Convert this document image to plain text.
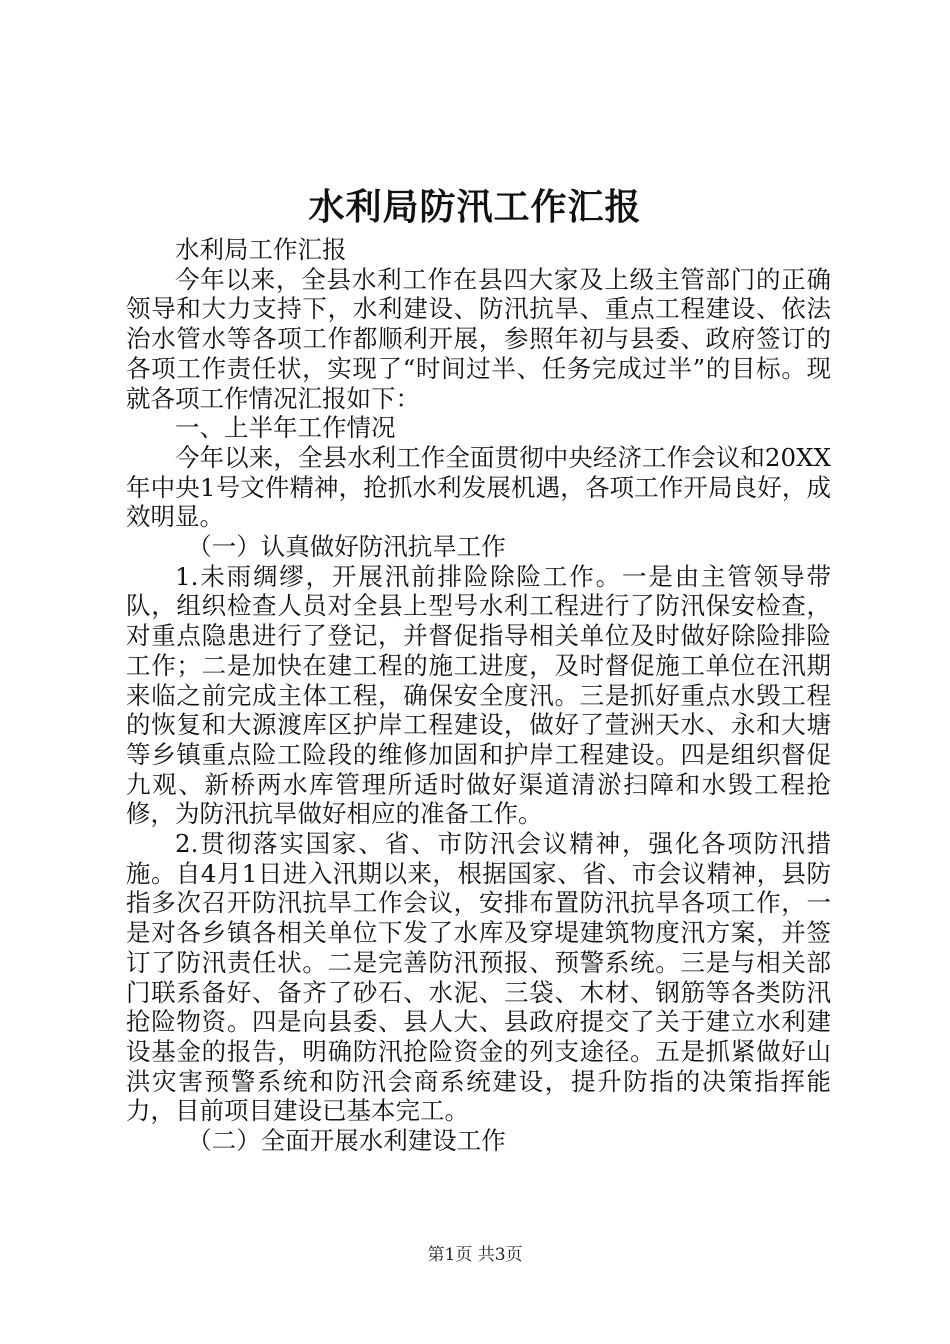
水利局防汛工作汇报

水利局工作汇报

今年以来，全县水利工作在县四大家及上级主管部门的正确领导和大力支持下，水利建设、防汛抗旱、重点工程建设、依法治水管水等各项工作都顺利开展，参照年初与县委、政府签订的各项工作责任状，实现了“时间过半、任务完成过半”的目标。现就各项工作情况汇报如下：

一、上半年工作情况

今年以来，全县水利工作全面贯彻中央经济工作会议和20XX年中央1号文件精神，抢抓水利发展机遇，各项工作开局良好，成效明显。

（一）认真做好防汛抗旱工作

1.未雨绸缪，开展汛前排险除险工作。一是由主管领导带队，组织检查人员对全县上型号水利工程进行了防汛保安检查，对重点隐患进行了登记，并督促指导相关单位及时做好除险排险工作；二是加快在建工程的施工进度，及时督促施工单位在汛期来临之前完成主体工程，确保安全度汛。三是抓好重点水毁工程的恢复和大源渡库区护岸工程建设，做好了萱洲天水、永和大塘等乡镇重点险工险段的维修加固和护岸工程建设。四是组织督促九观、新桥两水库管理所适时做好渠道清淤扫障和水毁工程抢修，为防汛抗旱做好相应的准备工作。

2.贯彻落实国家、省、市防汛会议精神，强化各项防汛措施。自4月1日进入汛期以来，根据国家、省、市会议精神，县防指多次召开防汛抗旱工作会议，安排布置防汛抗旱各项工作，一是对各乡镇各相关单位下发了水库及穿堤建筑物度汛方案，并签订了防汛责任状。二是完善防汛预报、预警系统。三是与相关部门联系备好、备齐了砂石、水泥、三袋、木材、钢筋等各类防汛抢险物资。四是向县委、县人大、县政府提交了关于建立水利建设基金的报告，明确防汛抢险资金的列支途径。五是抓紧做好山洪灾害预警系统和防汛会商系统建设，提升防指的决策指挥能力，目前项目建设已基本完工。

（二）全面开展水利建设工作

第1页 共3页
